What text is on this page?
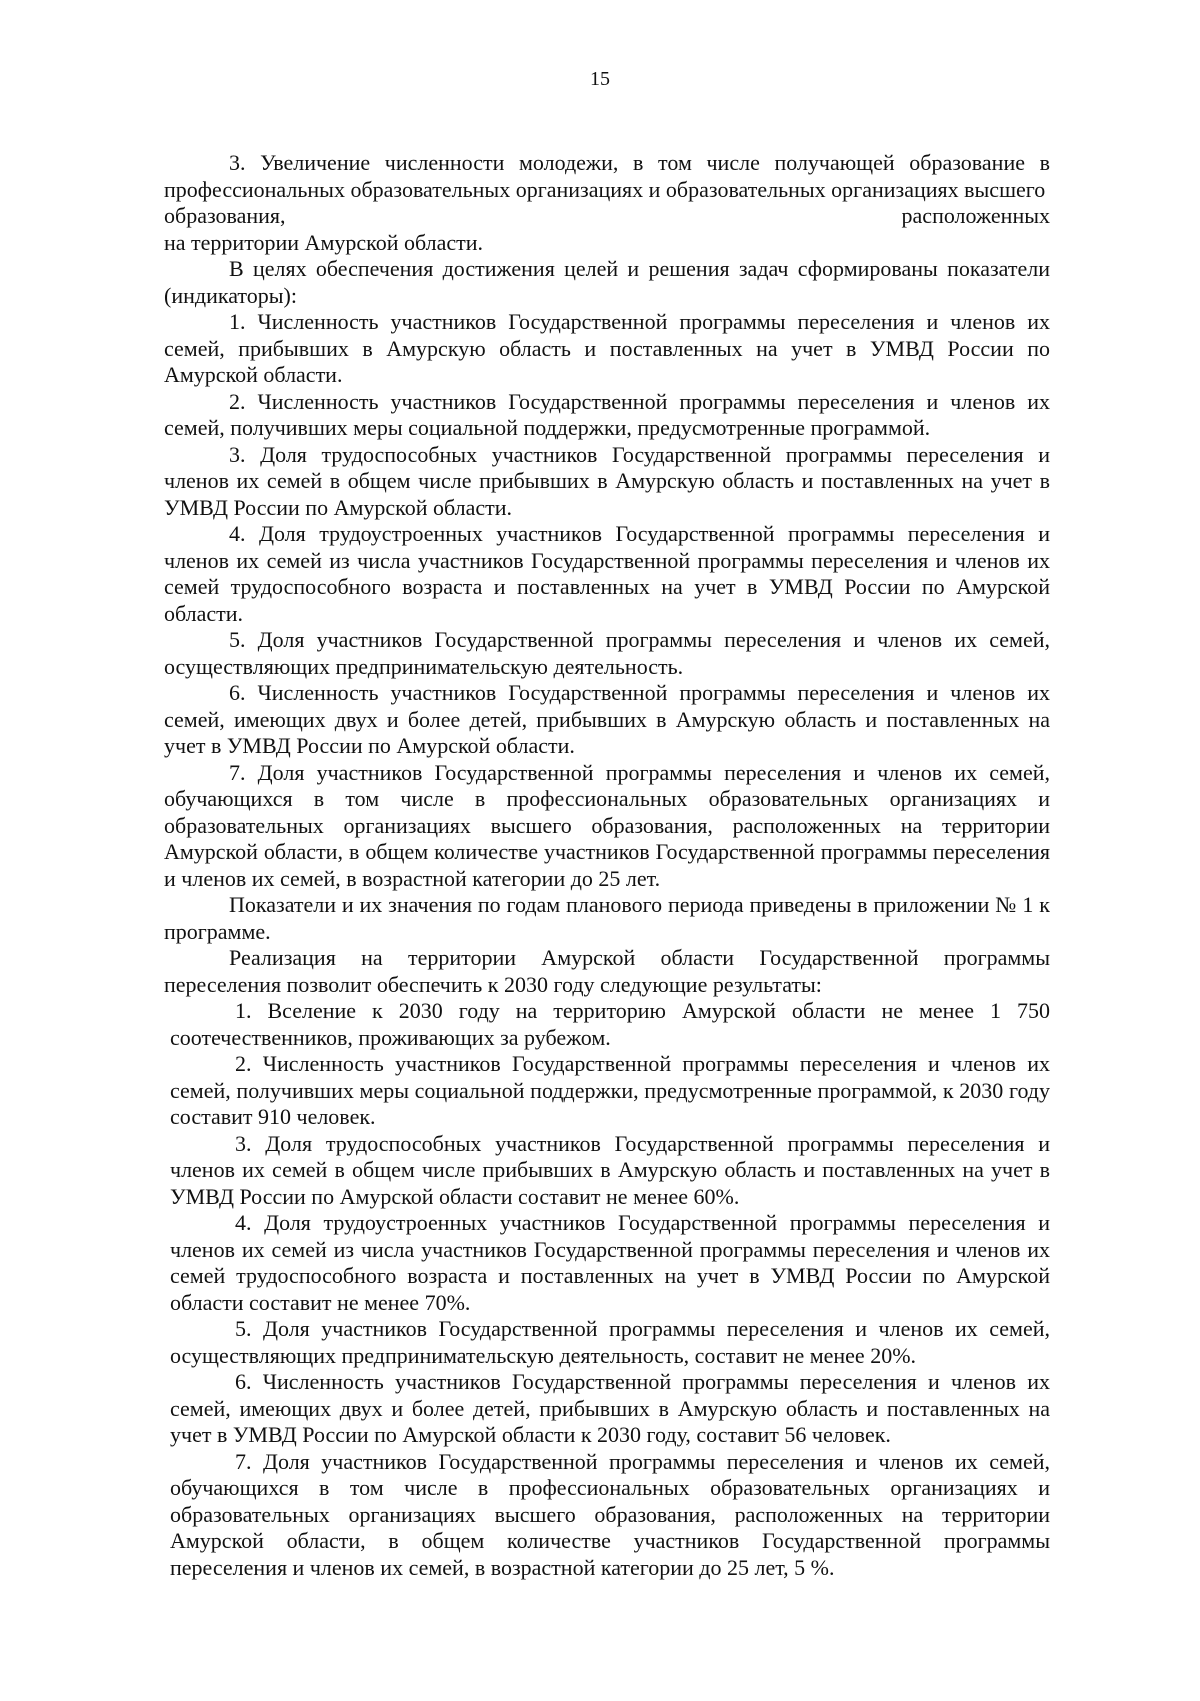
15

3. Увеличение численности молодежи, в том числе получающей образование в профессиональных образовательных организациях и образовательных организациях высшего

образования,	расположенных

на территории Амурской области.

В целях обеспечения достижения целей и решения задач сформированы показатели (индикаторы):

1. Численность участников Государственной программы переселения и членов их семей, прибывших в Амурскую область и поставленных на учет в УМВД России по Амурской области.

2. Численность участников Государственной программы переселения и членов их семей, получивших меры социальной поддержки, предусмотренные программой.

3. Доля трудоспособных участников Государственной программы переселения и членов их семей в общем числе прибывших в Амурскую область и поставленных на учет в УМВД России по Амурской области.

4. Доля трудоустроенных участников Государственной программы переселения и членов их семей из числа участников Государственной программы переселения и членов их семей трудоспособного возраста и поставленных на учет в УМВД России по Амурской области.

5. Доля участников Государственной программы переселения и членов их семей, осуществляющих предпринимательскую деятельность.

6. Численность участников Государственной программы переселения и членов их семей, имеющих двух и более детей, прибывших в Амурскую область и поставленных на учет в УМВД России по Амурской области.

7. Доля участников Государственной программы переселения и членов их семей, обучающихся в том числе в профессиональных образовательных организациях и образовательных организациях высшего образования, расположенных на территории Амурской области, в общем количестве участников Государственной программы переселения и членов их семей, в возрастной категории до 25 лет.

Показатели и их значения по годам планового периода приведены в приложении № 1 к программе.

Реализация на территории Амурской области Государственной программы переселения позволит обеспечить к 2030 году следующие результаты:

1. Вселение к 2030 году на территорию Амурской области не менее 1 750 соотечественников, проживающих за рубежом.

2. Численность участников Государственной программы переселения и членов их семей, получивших меры социальной поддержки, предусмотренные программой, к 2030 году составит 910 человек.

3. Доля трудоспособных участников Государственной программы переселения и членов их семей в общем числе прибывших в Амурскую область и поставленных на учет в УМВД России по Амурской области составит не менее 60%.

4. Доля трудоустроенных участников Государственной программы переселения и членов их семей из числа участников Государственной программы переселения и членов их семей трудоспособного возраста и поставленных на учет в УМВД России по Амурской области составит не менее 70%.

5. Доля участников Государственной программы переселения и членов их семей, осуществляющих предпринимательскую деятельность, составит не менее 20%.

6. Численность участников Государственной программы переселения и членов их семей, имеющих двух и более детей, прибывших в Амурскую область и поставленных на учет в УМВД России по Амурской области к 2030 году, составит 56 человек.

7. Доля участников Государственной программы переселения и членов их семей, обучающихся в том числе в профессиональных образовательных организациях и образовательных организациях высшего образования, расположенных на территории Амурской области, в общем количестве участников Государственной программы переселения и членов их семей, в возрастной категории до 25 лет, 5 %.
